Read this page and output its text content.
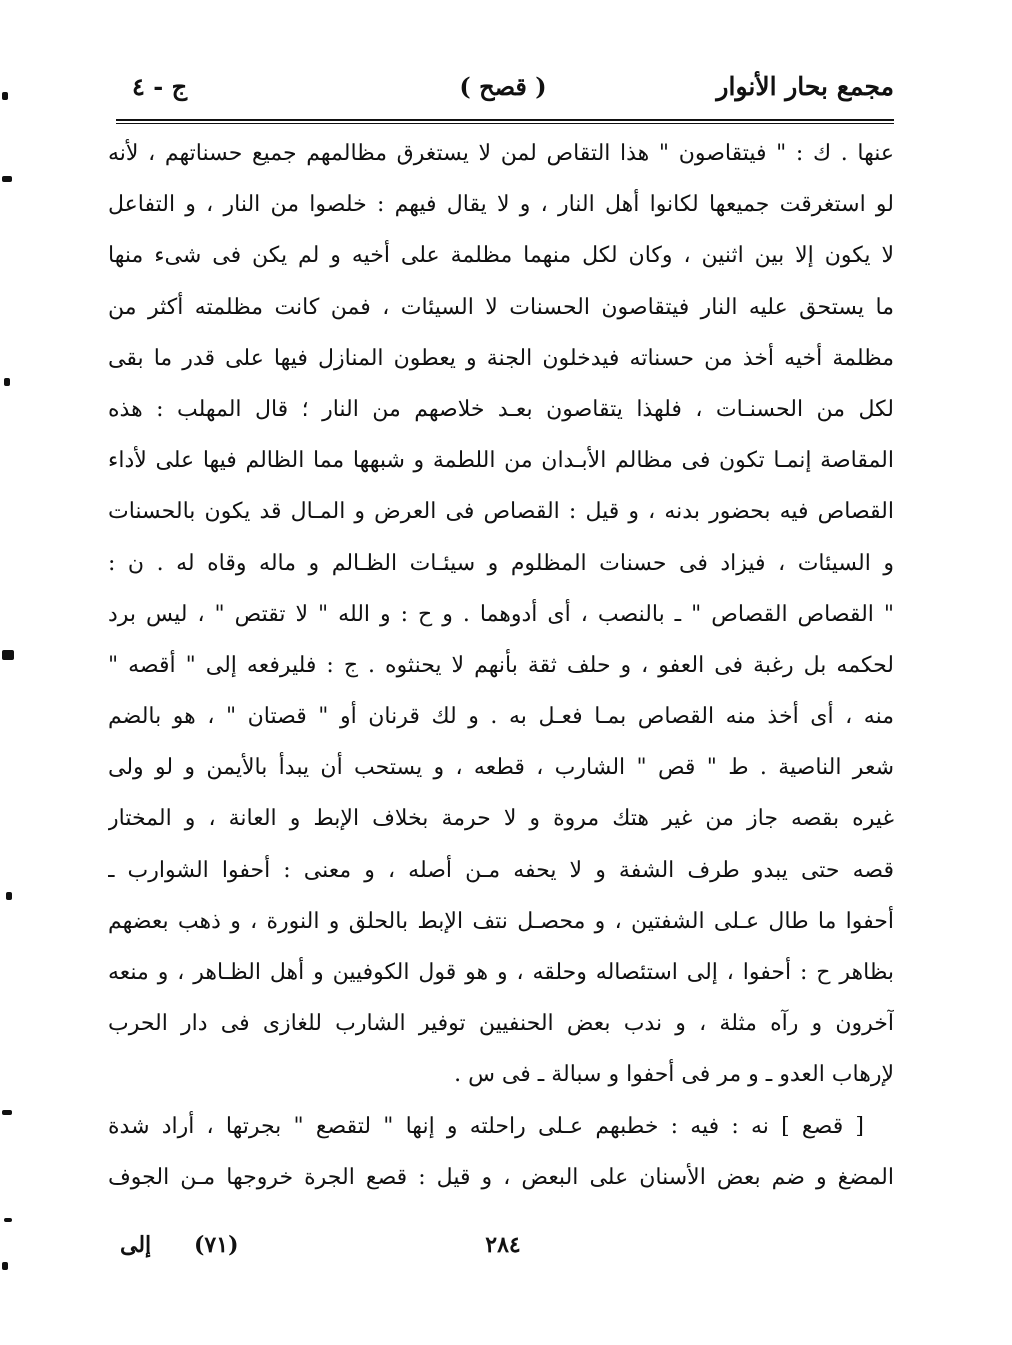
مجمع بحار الأنوار
( قصح )
ج - ٤
عنها . ك : " فيتقاصون " هذا التقاص لمن لا يستغرق مظالمهم جميع حسناتهم ، لأنه
لو استغرقت جميعها لكانوا أهل النار ، و لا يقال فيهم : خلصوا من النار ، و التفاعل
لا يكون إلا بين اثنين ، وكان لكل منهما مظلمة على أخيه و لم يكن فى شىء منها
ما يستحق عليه النار فيتقاصون الحسنات لا السيئات ، فمن كانت مظلمته أكثر من
مظلمة أخيه أخذ من حسناته فيدخلون الجنة و يعطون المنازل فيها على قدر ما بقى
لكل من الحسنـات ، فلهذا يتقاصون بعـد خلاصهم من النار ؛ قال المهلب : هذه
المقاصة إنمـا تكون فى مظالم الأبـدان من اللطمة و شبهها مما الظالم فيها على لأداء
القصاص فيه بحضور بدنه ، و قيل : القصاص فى العرض و المـال قد يكون بالحسنات
و السيئات ، فيزاد فى حسنات المظلوم و سيئـات الظـالم و ماله وقاه له . ن :
" القصاص القصاص " ـ بالنصب ، أى أدوهما . و ح : و الله " لا تقتص " ، ليس برد
لحكمه بل رغبة فى العفو ، و حلف ثقة بأنهم لا يحنثوه . ج : فليرفعه إلى " أقصه "
منه ، أى أخذ منه القصاص بمـا فعـل به . و لك قرنان أو " قصتان " ، هو بالضم
شعر الناصية . ط " قص " الشارب ، قطعه ، و يستحب أن يبدأ بالأيمن و لو ولى
غيره بقصه جاز من غير هتك مروة و لا حرمة بخلاف الإبط و العانة ، و المختار
قصه حتى يبدو طرف الشفة و لا يحفه مـن أصله ، و معنى : أحفوا الشوارب ـ
أحفوا ما طال عـلى الشفتين ، و محصـل نتف الإبط بالحلق و النورة ، و ذهب بعضهم
بظاهر ح : أحفوا ، إلى استئصاله وحلقه ، و هو قول الكوفيين و أهل الظـاهر ، و منعه
آخرون و رآه مثلة ، و ندب بعض الحنفيين توفير الشارب للغازى فى دار الحرب
لإرهاب العدو ـ و مر فى أحفوا و سبالة ـ فى س .
[ قصع ] نه : فيه : خطبهم عـلى راحلته و إنها " لتقصع " بجرتها ، أراد شدة
المضغ و ضم بعض الأسنان على البعض ، و قيل : قصع الجرة خروجها مـن الجوف
٢٨٤
(٧١)
إلى
